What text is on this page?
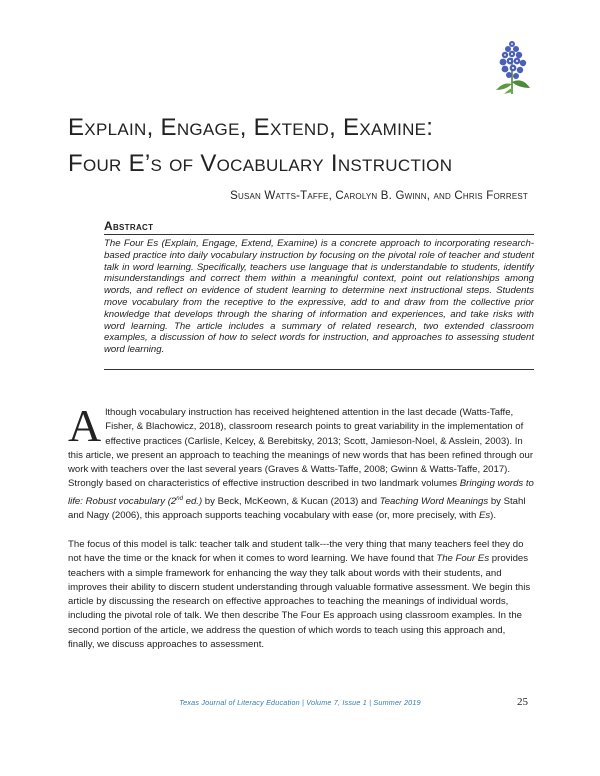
Explain, Engage, Extend, Examine:
Four E’s of Vocabulary Instruction
Susan Watts-Taffe, Carolyn B. Gwinn, and Chris Forrest
Abstract
The Four Es (Explain, Engage, Extend, Examine) is a concrete approach to incorporating research-based practice into daily vocabulary instruction by focusing on the pivotal role of teacher and student talk in word learning. Specifically, teachers use language that is understandable to students, identify misunderstandings and correct them within a meaningful context, point out relationships among words, and reflect on evidence of student learning to determine next instructional steps. Students move vocabulary from the receptive to the expressive, add to and draw from the collective prior knowledge that develops through the sharing of information and experiences, and take risks with word learning. The article includes a summary of related research, two extended classroom examples, a discussion of how to select words for instruction, and approaches to assessing student word learning.
Although vocabulary instruction has received heightened attention in the last decade (Watts-Taffe, Fisher, & Blachowicz, 2018), classroom research points to great variability in the implementation of effective practices (Carlisle, Kelcey, & Berebitsky, 2013; Scott, Jamieson-Noel, & Asslein, 2003). In this article, we present an approach to teaching the meanings of new words that has been refined through our work with teachers over the last several years (Graves & Watts-Taffe, 2008; Gwinn & Watts-Taffe, 2017). Strongly based on characteristics of effective instruction described in two landmark volumes Bringing words to life: Robust vocabulary (2nd ed.) by Beck, McKeown, & Kucan (2013) and Teaching Word Meanings by Stahl and Nagy (2006), this approach supports teaching vocabulary with ease (or, more precisely, with Es).
The focus of this model is talk: teacher talk and student talk---the very thing that many teachers feel they do not have the time or the knack for when it comes to word learning. We have found that The Four Es provides teachers with a simple framework for enhancing the way they talk about words with their students, and improves their ability to discern student understanding through valuable formative assessment. We begin this article by discussing the research on effective approaches to teaching the meanings of individual words, including the pivotal role of talk. We then describe The Four Es approach using classroom examples. In the second portion of the article, we address the question of which words to teach using this approach and, finally, we discuss approaches to assessment.
Texas Journal of Literacy Education | Volume 7, Issue 1 | Summer 2019	25
